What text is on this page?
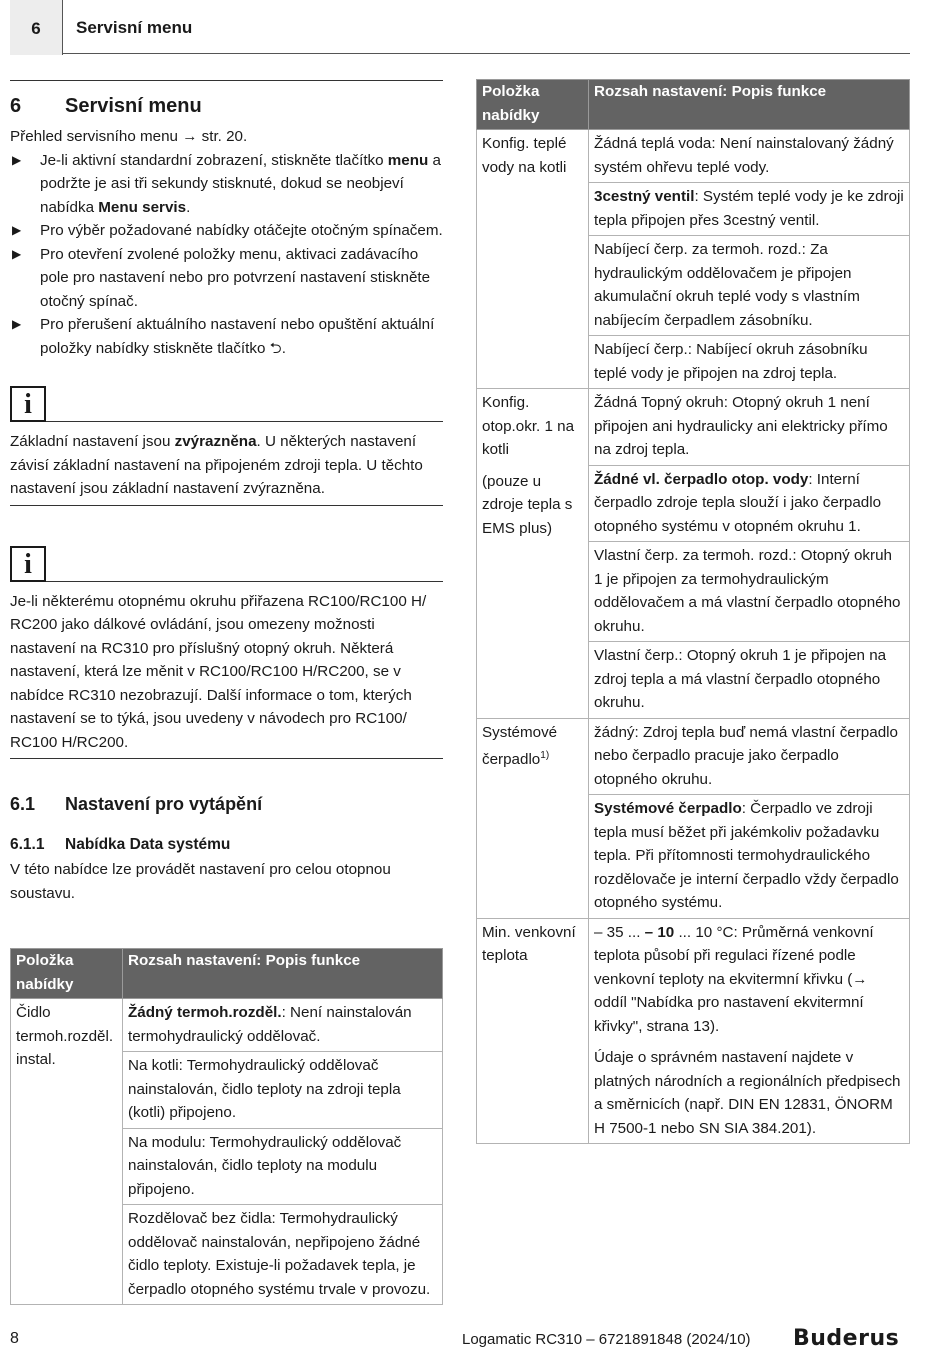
6	Servisní menu
6	Servisní menu
Přehled servisního menu → str. 20.
▶	Je-li aktivní standardní zobrazení, stiskněte tlačítko menu a podržte je asi tři sekundy stisknuté, dokud se neobjeví nabídka Menu servis.
▶	Pro výběr požadované nabídky otáčejte otočným spínačem.
▶	Pro otevření zvolené položky menu, aktivaci zadávacího pole pro nastavení nebo pro potvrzení nastavení stiskněte otočný spínač.
▶	Pro přerušení aktuálního nastavení nebo opuštění aktuální položky nabídky stiskněte tlačítko ⮌.
i
Základní nastavení jsou zvýrazněna. U některých nastavení závisí základní nastavení na připojeném zdroji tepla. U těchto nastavení jsou základní nastavení zvýrazněna.
i
Je-li některému otopnému okruhu přiřazena RC100/RC100 H/ RC200 jako dálkové ovládání, jsou omezeny možnosti nastavení na RC310 pro příslušný otopný okruh. Některá nastavení, která lze měnit v RC100/RC100 H/RC200, se v nabídce RC310 nezobrazují. Další informace o tom, kterých nastavení se to týká, jsou uvedeny v návodech pro RC100/ RC100 H/RC200.
6.1	Nastavení pro vytápění
6.1.1	Nabídka Data systému
V této nabídce lze provádět nastavení pro celou otopnou soustavu.
Položka nabídky	Rozsah nastavení: Popis funkce
Čidlo termoh.rozděl. instal.	Žádný termoh.rozděl.: Není nainstalován termohydraulický oddělovač.
	Na kotli: Termohydraulický oddělovač nainstalován, čidlo teploty na zdroji tepla (kotli) připojeno.
	Na modulu: Termohydraulický oddělovač nainstalován, čidlo teploty na modulu připojeno.
	Rozdělovač bez čidla: Termohydraulický oddělovač nainstalován, nepřipojeno žádné čidlo teploty. Existuje-li požadavek tepla, je čerpadlo otopného systému trvale v provozu.
Položka nabídky	Rozsah nastavení: Popis funkce
Konfig. teplé vody na kotli	Žádná teplá voda: Není nainstalovaný žádný systém ohřevu teplé vody.
	3cestný ventil: Systém teplé vody je ke zdroji tepla připojen přes 3cestný ventil.
	Nabíjecí čerp. za termoh. rozd.: Za hydraulickým oddělovačem je připojen akumulační okruh teplé vody s vlastním nabíjecím čerpadlem zásobníku.
	Nabíjecí čerp.: Nabíjecí okruh zásobníku teplé vody je připojen na zdroj tepla.
Konfig. otop.okr. 1 na kotli
(pouze u zdroje tepla s EMS plus)	Žádná Topný okruh: Otopný okruh 1 není připojen ani hydraulicky ani elektricky přímo na zdroj tepla.
	Žádné vl. čerpadlo otop. vody: Interní čerpadlo zdroje tepla slouží i jako čerpadlo otopného systému v otopném okruhu 1.
	Vlastní čerp. za termoh. rozd.: Otopný okruh 1 je připojen za termohydraulickým oddělovačem a má vlastní čerpadlo otopného okruhu.
	Vlastní čerp.: Otopný okruh 1 je připojen na zdroj tepla a má vlastní čerpadlo otopného okruhu.
Systémové čerpadlo$^{1)}$	žádný: Zdroj tepla buď nemá vlastní čerpadlo nebo čerpadlo pracuje jako čerpadlo otopného okruhu.
	Systémové čerpadlo: Čerpadlo ve zdroji tepla musí běžet při jakémkoliv požadavku tepla. Při přítomnosti termohydraulického rozdělovače je interní čerpadlo vždy čerpadlo otopného systému.
Min. venkovní teplota	– 35 ... – 10 ... 10 °C: Průměrná venkovní teplota působí při regulaci řízené podle venkovní teploty na ekvitermní křivku (→ oddíl "Nabídka pro nastavení ekvitermní křivky", strana 13).
Údaje o správném nastavení najdete v platných národních a regionálních předpisech a směrnicích (např. DIN EN 12831, ÖNORM H 7500-1 nebo SN SIA 384.201).
8	Logamatic RC310 – 6721891848 (2024/10) Buderus
